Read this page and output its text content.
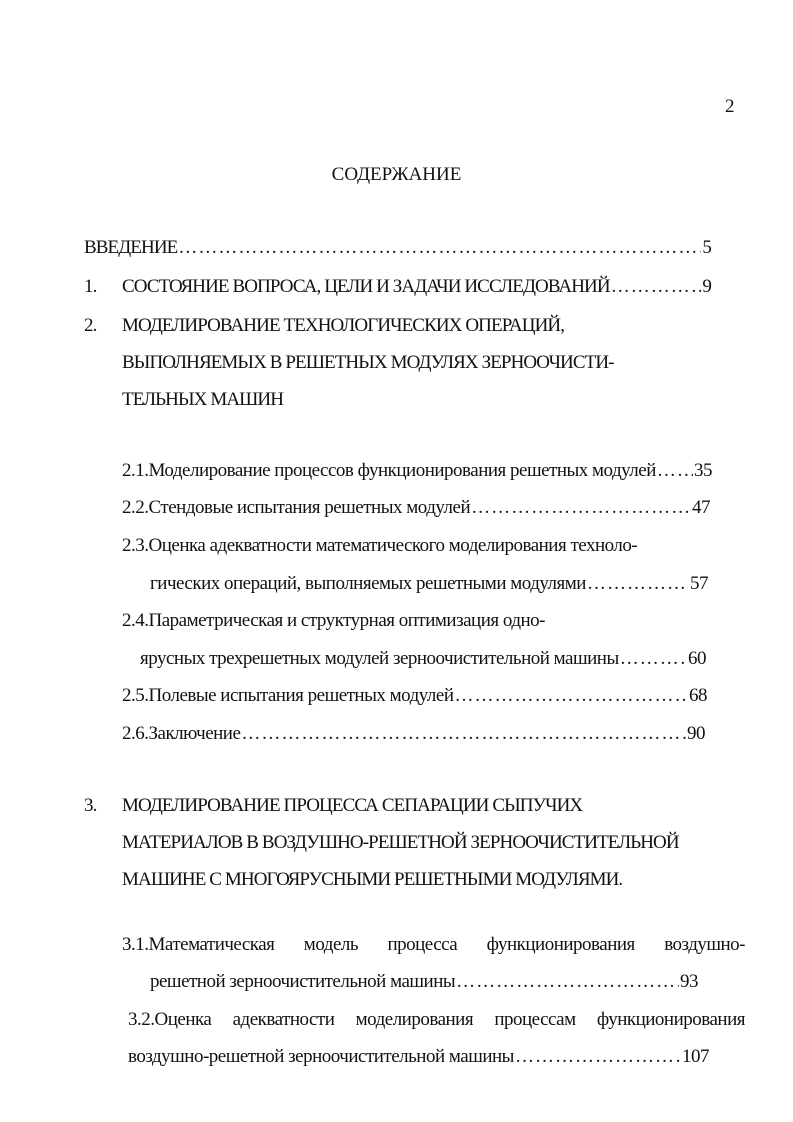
2
СОДЕРЖАНИЕ
ВВЕДЕНИЕ …………………………………………………………………………………………………………………………………………	5
1.	СОСТОЯНИЕ ВОПРОСА, ЦЕЛИ И ЗАДАЧИ ИССЛЕДОВАНИЙ …………………………………………………………………………………………………………………………………………	9
2. МОДЕЛИРОВАНИЕ ТЕХНОЛОГИЧЕСКИХ ОПЕРАЦИЙ,
ВЫПОЛНЯЕМЫХ В РЕШЕТНЫХ МОДУЛЯХ ЗЕРНООЧИСТИ-
ТЕЛЬНЫХ МАШИН
2.1.Моделирование процессов функционирования решетных модулей ………………………………………………………………………………………………………………………………………… 35
2.2.Стендовые испытания решетных модулей …………………………………………………………………………………………………………………………………………	47
2.3.Оценка адекватности математического моделирования техноло-
гических операций, выполняемых решетными модулями …………………………………………………………………………………………………………………………………………	57
2.4.Параметрическая и структурная оптимизация одно-
ярусных трехрешетных модулей зерноочистительной машины …………………………………………………………………………………………………………………………………………	60
2.5.Полевые испытания решетных модулей …………………………………………………………………………………………………………………………………………	68
2.6.Заключение …………………………………………………………………………………………………………………………………………	90
3. МОДЕЛИРОВАНИЕ ПРОЦЕССА СЕПАРАЦИИ СЫПУЧИХ
МАТЕРИАЛОВ В ВОЗДУШНО-РЕШЕТНОЙ ЗЕРНООЧИСТИТЕЛЬНОЙ
МАШИНЕ С МНОГОЯРУСНЫМИ РЕШЕТНЫМИ МОДУЛЯМИ.
3.1.Математическая модель процесса функционирования воздушно-
решетной зерноочистительной машины …………………………………………………………………………………………………………………………………………	93
3.2.Оценка адекватности моделирования процессам функционирования
воздушно-решетной зерноочистительной машины …………………………………………………………………………………………………………………………………………	107
